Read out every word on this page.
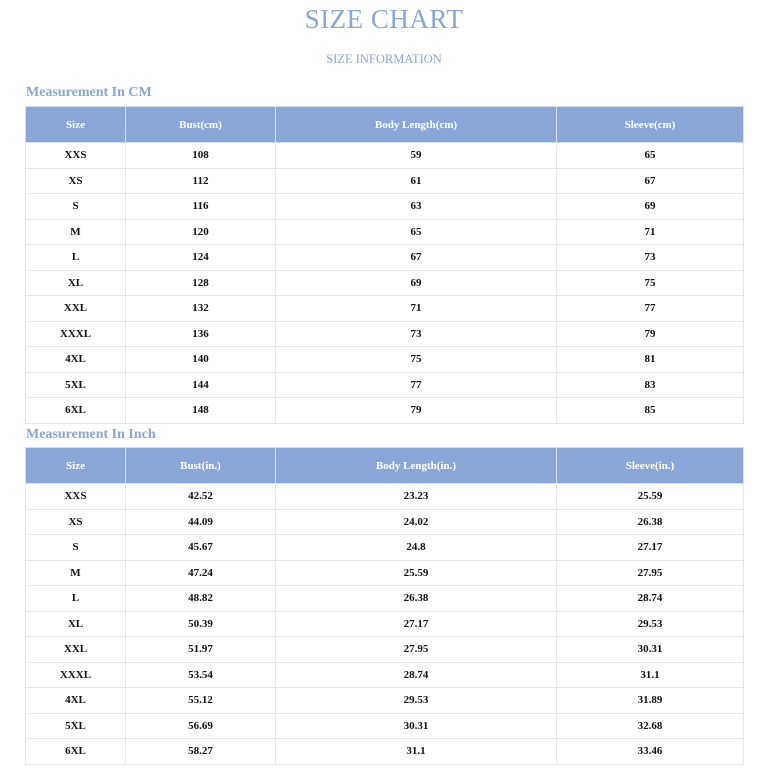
SIZE CHART
SIZE INFORMATION
Measurement In CM
Size	Bust(cm)	Body Length(cm)	Sleeve(cm)
XXS	108	59	65
XS	112	61	67
S	116	63	69
M	120	65	71
L	124	67	73
XL	128	69	75
XXL	132	71	77
XXXL	136	73	79
4XL	140	75	81
5XL	144	77	83
6XL	148	79	85
Measurement In Inch
Size	Bust(in.)	Body Length(in.)	Sleeve(in.)
XXS	42.52	23.23	25.59
XS	44.09	24.02	26.38
S	45.67	24.8	27.17
M	47.24	25.59	27.95
L	48.82	26.38	28.74
XL	50.39	27.17	29.53
XXL	51.97	27.95	30.31
XXXL	53.54	28.74	31.1
4XL	55.12	29.53	31.89
5XL	56.69	30.31	32.68
6XL	58.27	31.1	33.46
